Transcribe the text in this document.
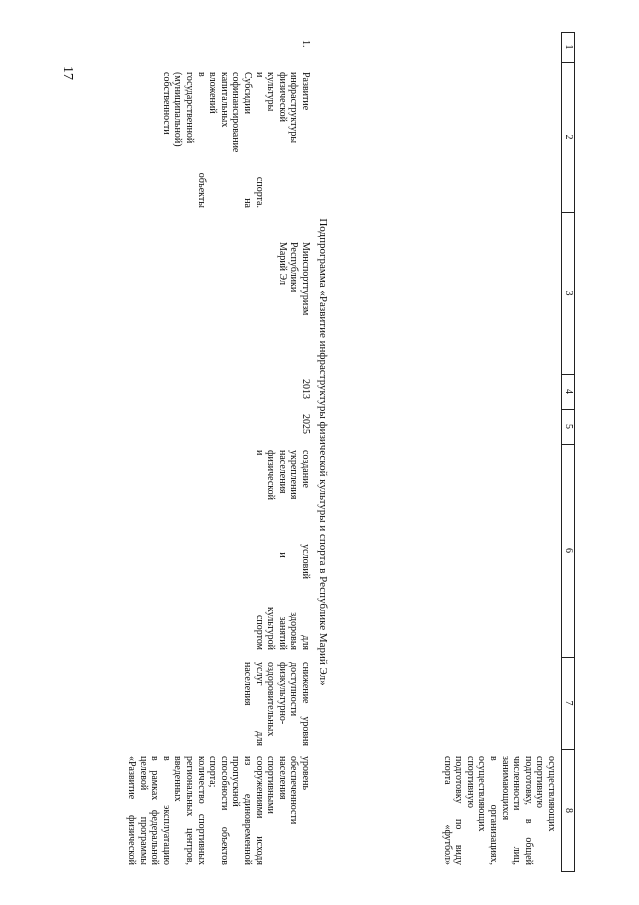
17
1
2
3
4
5
6
7
8
осуществляющих
спортивную
подготовку, в общей
численности лиц,
занимающихся
в организациях,
осуществляющих
спортивную
подготовку по виду
спорта «футбол»
Подпрограмма «Развитие инфраструктуры физической культуры и спорта в Республике Марий Эл»
1.
Развитие
инфраструктуры
физической
культуры
и спорта.
Субсидии на
софинансирование
капитальных
вложений
в объекты
государственной
(муниципальной)
собственности
Минспорттуризм
Республики
Марий Эл
2013
2025
создание условий для
укрепления здоровья
населения и занятий
физической культурой
и спортом
снижение уровня
доступности
физкультурно-
оздоровительных
услуг для населения
уровень
обеспеченности
населения
спортивными
сооружениями исходя
из единовременной
пропускной
способности объектов
спорта;
количество спортивных
региональных центров,
введенных
в эксплуатацию
в рамках федеральной
целевой программы
«Развитие физической
